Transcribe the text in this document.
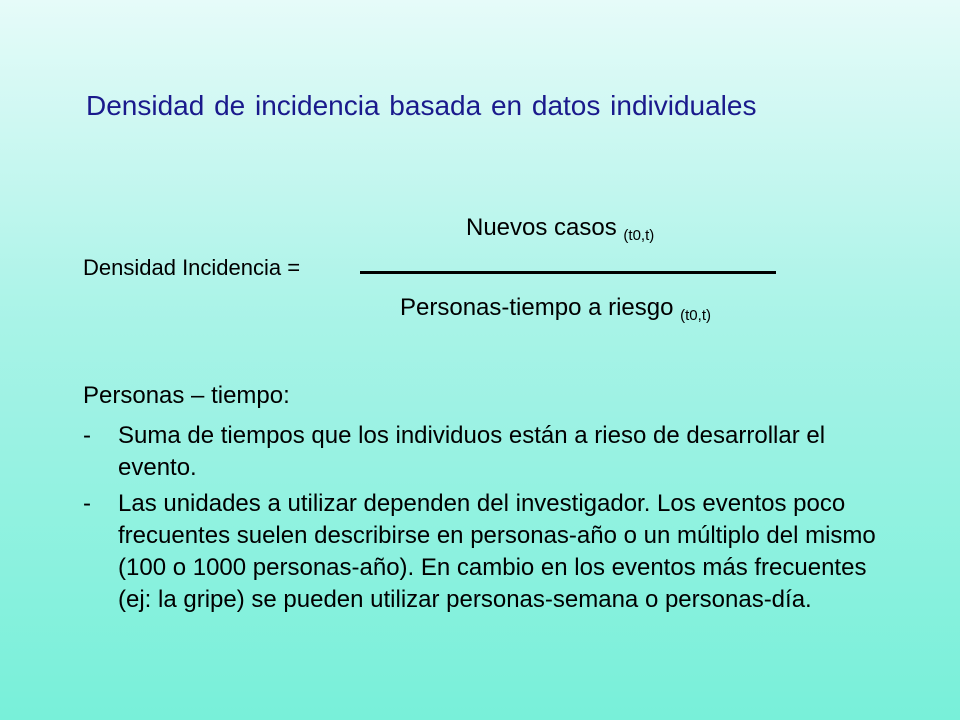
Densidad de incidencia basada en datos individuales
Nuevos casos $_{(t0,t)}$
Densidad Incidencia =
Personas-tiempo a riesgo $_{(t0,t)}$
Personas – tiempo:
-	Suma de tiempos que los individuos están a rieso de desarrollar el evento.
-	Las unidades a utilizar dependen del investigador. Los eventos poco frecuentes suelen describirse en personas-año o un múltiplo del mismo (100 o 1000 personas-año). En cambio en los eventos más frecuentes (ej: la gripe) se pueden utilizar personas-semana o personas-día.
